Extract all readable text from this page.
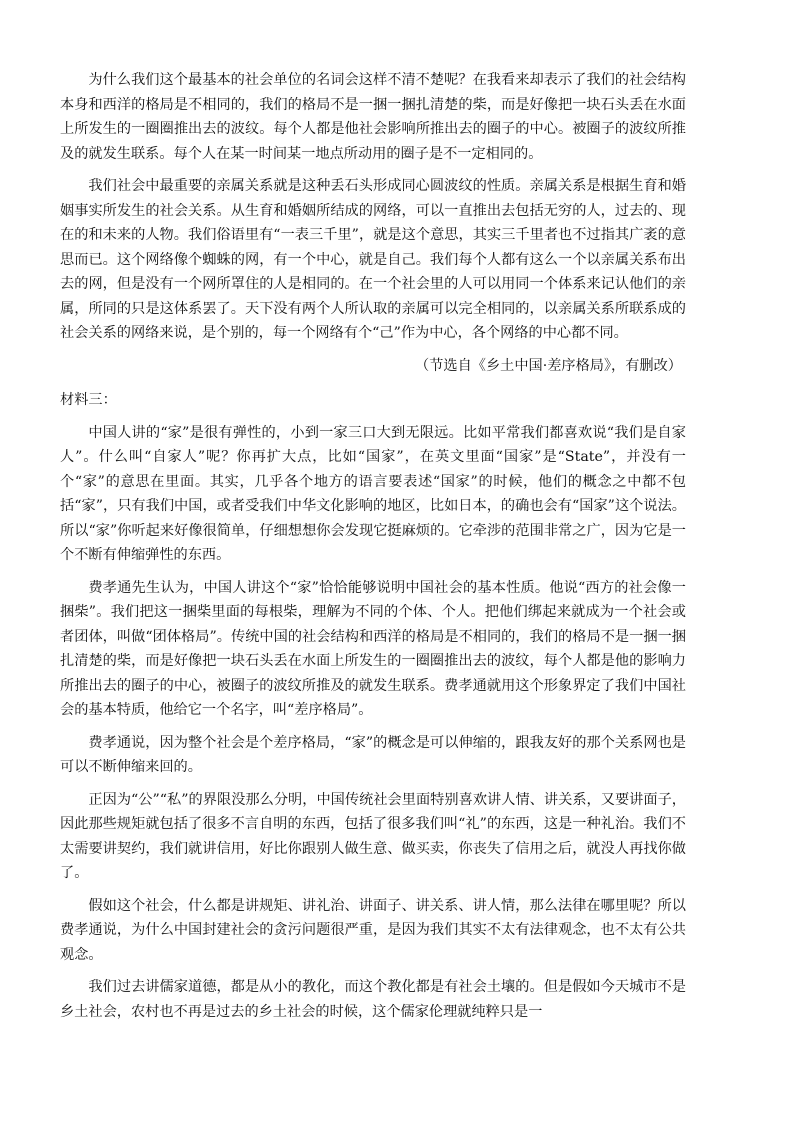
为什么我们这个最基本的社会单位的名词会这样不清不楚呢？在我看来却表示了我们的社会结构本身和西洋的格局是不相同的，我们的格局不是一捆一捆扎清楚的柴，而是好像把一块石头丢在水面上所发生的一圈圈推出去的波纹。每个人都是他社会影响所推出去的圈子的中心。被圈子的波纹所推及的就发生联系。每个人在某一时间某一地点所动用的圈子是不一定相同的。

我们社会中最重要的亲属关系就是这种丢石头形成同心圆波纹的性质。亲属关系是根据生育和婚姻事实所发生的社会关系。从生育和婚姻所结成的网络，可以一直推出去包括无穷的人，过去的、现在的和未来的人物。我们俗语里有“一表三千里”，就是这个意思，其实三千里者也不过指其广袤的意思而已。这个网络像个蜘蛛的网，有一个中心，就是自己。我们每个人都有这么一个以亲属关系布出去的网，但是没有一个网所罩住的人是相同的。在一个社会里的人可以用同一个体系来记认他们的亲属，所同的只是这体系罢了。天下没有两个人所认取的亲属可以完全相同的，以亲属关系所联系成的社会关系的网络来说，是个别的，每一个网络有个“己”作为中心，各个网络的中心都不同。

（节选自《乡土中国·差序格局》，有删改）
材料三：

中国人讲的“家”是很有弹性的，小到一家三口大到无限远。比如平常我们都喜欢说“我们是自家人”。什么叫“自家人”呢？你再扩大点，比如“国家”，在英文里面“国家”是“State”，并没有一个“家”的意思在里面。其实，几乎各个地方的语言要表述“国家”的时候，他们的概念之中都不包括“家”，只有我们中国，或者受我们中华文化影响的地区，比如日本，的确也会有“国家”这个说法。所以“家”你听起来好像很简单，仔细想想你会发现它挺麻烦的。它牵涉的范围非常之广，因为它是一个不断有伸缩弹性的东西。

费孝通先生认为，中国人讲这个“家”恰恰能够说明中国社会的基本性质。他说“西方的社会像一捆柴”。我们把这一捆柴里面的每根柴，理解为不同的个体、个人。把他们绑起来就成为一个社会或者团体，叫做“团体格局”。传统中国的社会结构和西洋的格局是不相同的，我们的格局不是一捆一捆扎清楚的柴，而是好像把一块石头丢在水面上所发生的一圈圈推出去的波纹，每个人都是他的影响力所推出去的圈子的中心，被圈子的波纹所推及的就发生联系。费孝通就用这个形象界定了我们中国社会的基本特质，他给它一个名字，叫“差序格局”。

费孝通说，因为整个社会是个差序格局，“家”的概念是可以伸缩的，跟我友好的那个关系网也是可以不断伸缩来回的。

正因为“公”“私”的界限没那么分明，中国传统社会里面特别喜欢讲人情、讲关系，又要讲面子，因此那些规矩就包括了很多不言自明的东西，包括了很多我们叫“礼”的东西，这是一种礼治。我们不太需要讲契约，我们就讲信用，好比你跟别人做生意、做买卖，你丧失了信用之后，就没人再找你做了。

假如这个社会，什么都是讲规矩、讲礼治、讲面子、讲关系、讲人情，那么法律在哪里呢？所以费孝通说，为什么中国封建社会的贪污问题很严重，是因为我们其实不太有法律观念，也不太有公共观念。

我们过去讲儒家道德，都是从小的教化，而这个教化都是有社会土壤的。但是假如今天城市不是乡土社会，农村也不再是过去的乡土社会的时候，这个儒家伦理就纯粹只是一
